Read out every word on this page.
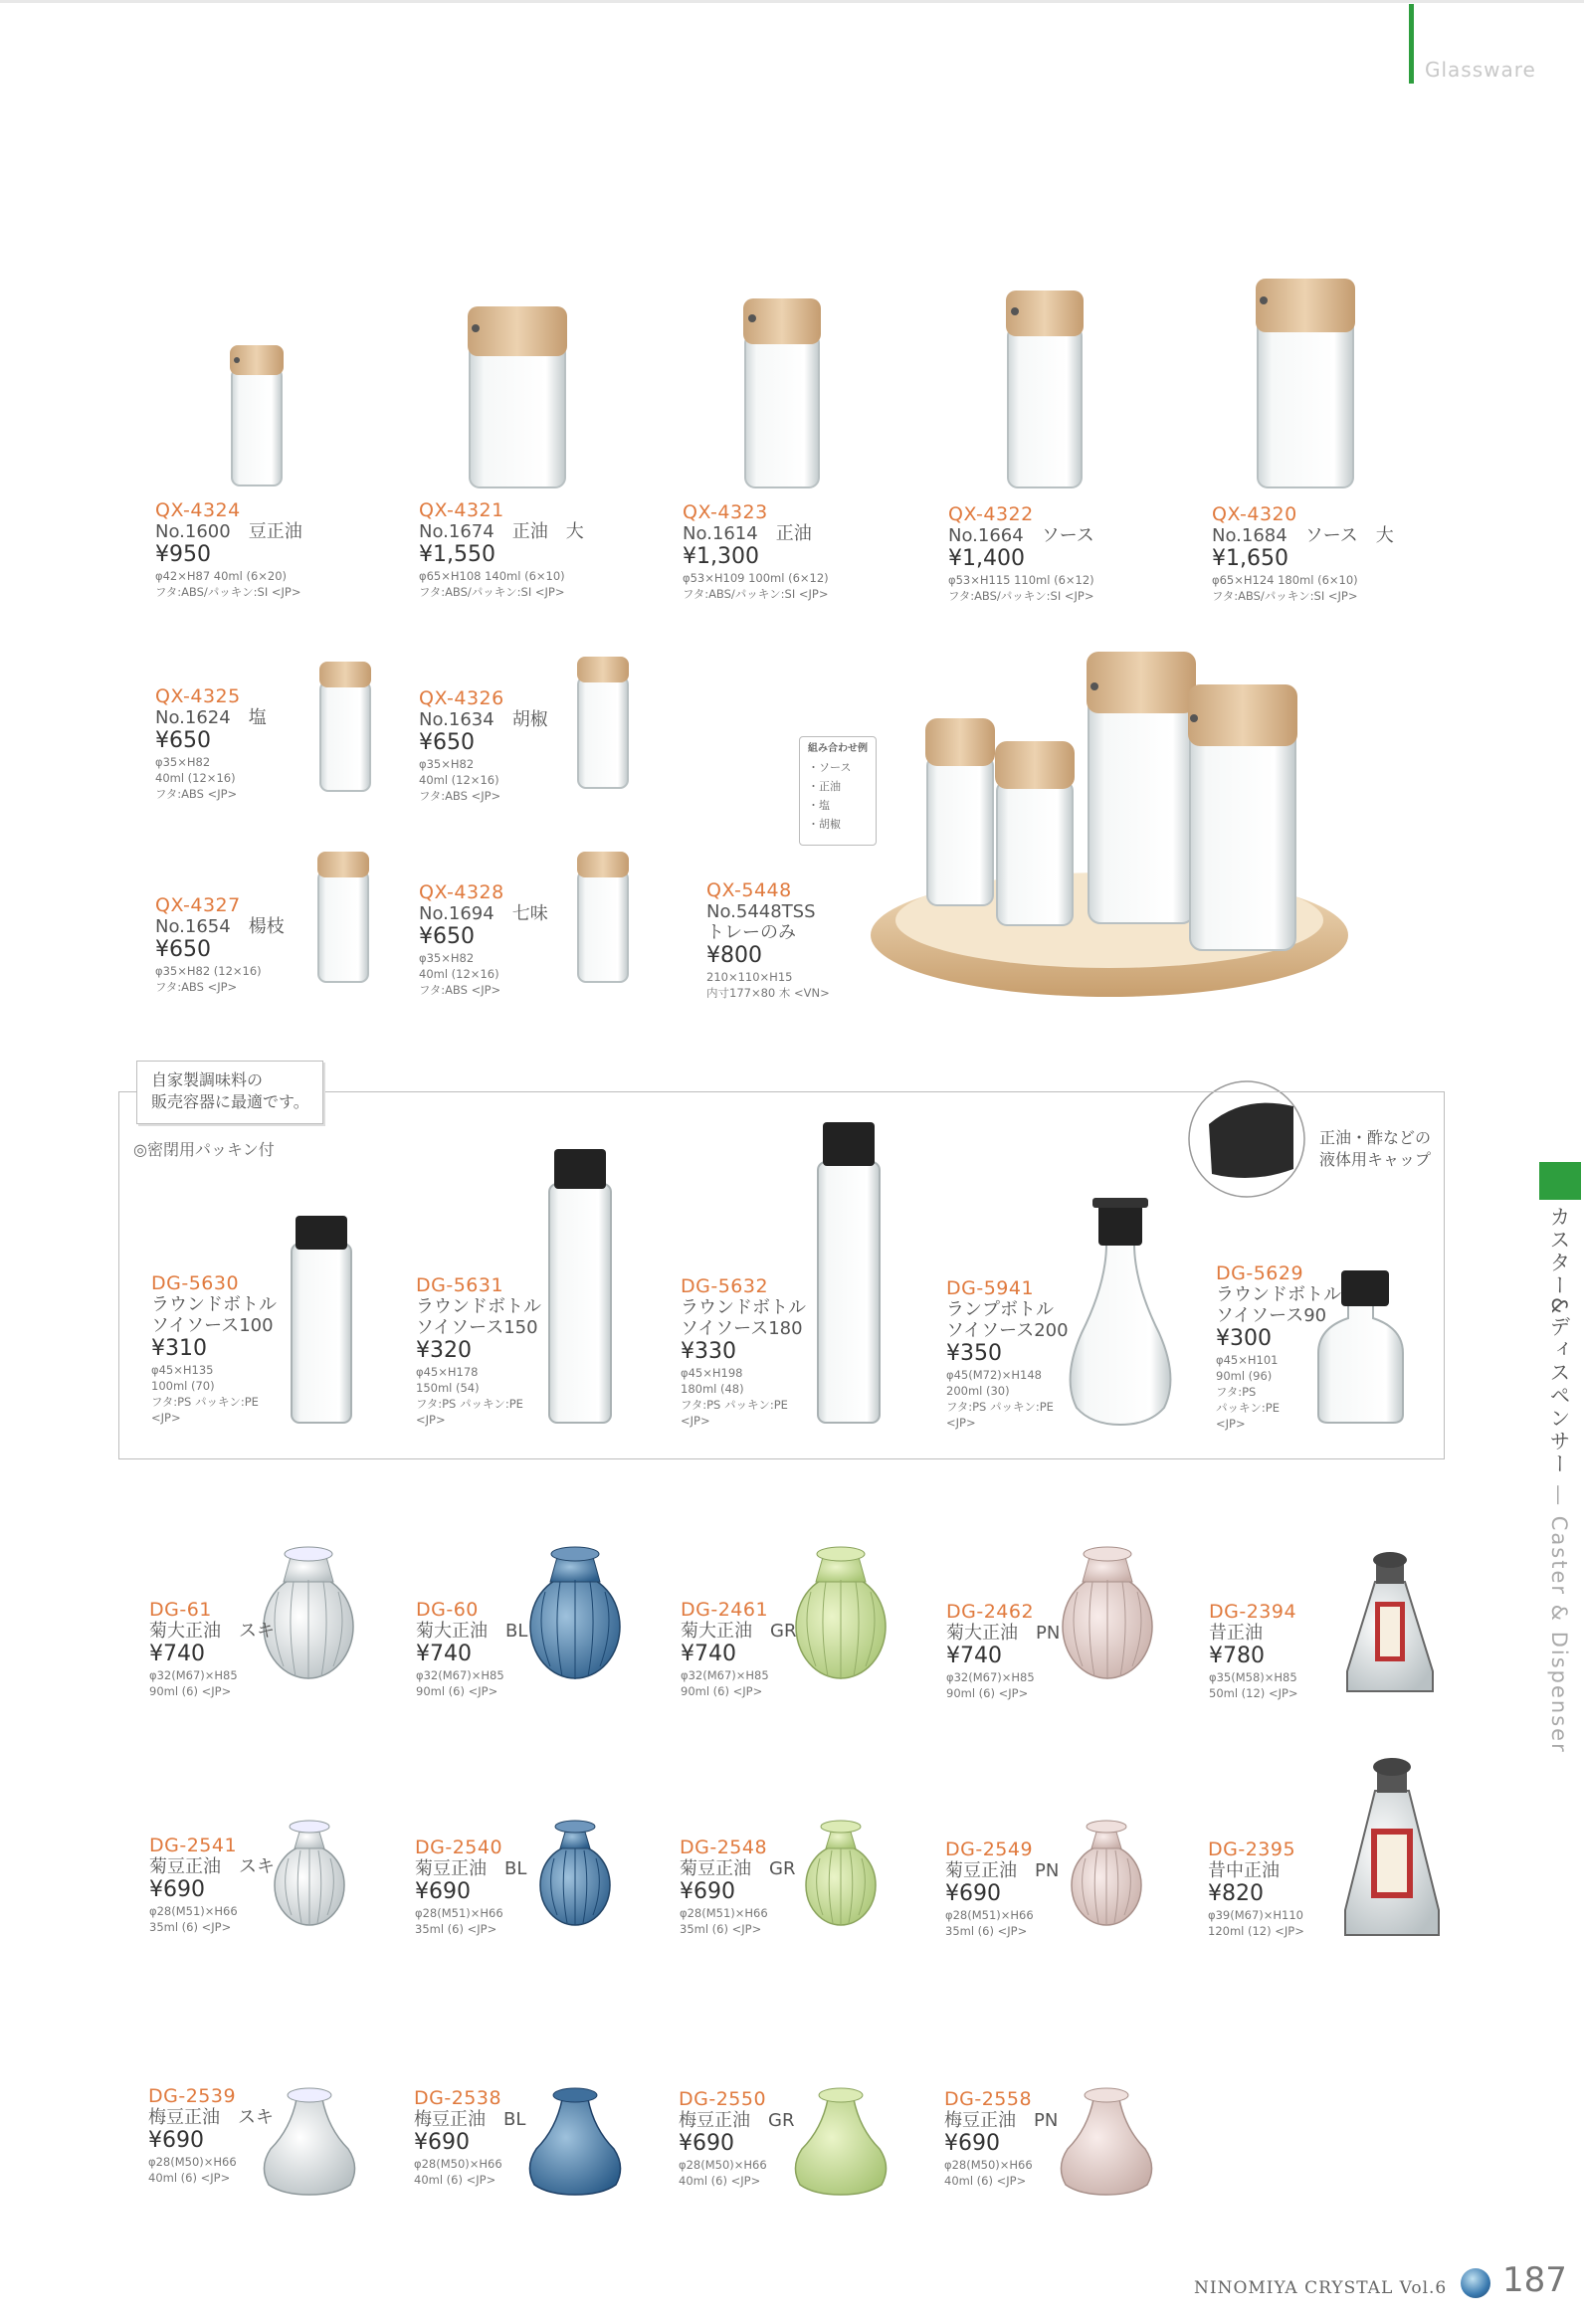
Glassware
カスター&ディスペンサー — Caster & Dispenser
組み合わせ例
・ソース
・正油
・塩
・胡椒
自家製調味料の
販売容器に最適です。
◎密閉用パッキン付
正油・酢などの
液体用キャップ
QX-4324
No.1600　豆正油
¥950
φ42×H87 40ml (6×20)
フタ:ABS/パッキン:SI <JP>
QX-4321
No.1674　正油　大
¥1,550
φ65×H108 140ml (6×10)
フタ:ABS/パッキン:SI <JP>
QX-4323
No.1614　正油
¥1,300
φ53×H109 100ml (6×12)
フタ:ABS/パッキン:SI <JP>
QX-4322
No.1664　ソース
¥1,400
φ53×H115 110ml (6×12)
フタ:ABS/パッキン:SI <JP>
QX-4320
No.1684　ソース　大
¥1,650
φ65×H124 180ml (6×10)
フタ:ABS/パッキン:SI <JP>
QX-4325
No.1624　塩
¥650
φ35×H82
40ml (12×16)
フタ:ABS <JP>
QX-4326
No.1634　胡椒
¥650
φ35×H82
40ml (12×16)
フタ:ABS <JP>
QX-4327
No.1654　楊枝
¥650
φ35×H82 (12×16)
フタ:ABS <JP>
QX-4328
No.1694　七味
¥650
φ35×H82
40ml (12×16)
フタ:ABS <JP>
QX-5448
No.5448TSS
トレーのみ
¥800
210×110×H15
内寸177×80 木 <VN>
DG-5630
ラウンドボトル
ソイソース100
¥310
φ45×H135
100ml (70)
フタ:PS パッキン:PE
<JP>
DG-5631
ラウンドボトル
ソイソース150
¥320
φ45×H178
150ml (54)
フタ:PS パッキン:PE
<JP>
DG-5632
ラウンドボトル
ソイソース180
¥330
φ45×H198
180ml (48)
フタ:PS パッキン:PE
<JP>
DG-5941
ランプボトル
ソイソース200
¥350
φ45(M72)×H148
200ml (30)
フタ:PS パッキン:PE
<JP>
DG-5629
ラウンドボトル
ソイソース90
¥300
φ45×H101
90ml (96)
フタ:PS
パッキン:PE
<JP>
DG-61
菊大正油　スキ
¥740
φ32(M67)×H85
90ml (6) <JP>
DG-60
菊大正油　BL
¥740
φ32(M67)×H85
90ml (6) <JP>
DG-2461
菊大正油　GR
¥740
φ32(M67)×H85
90ml (6) <JP>
DG-2462
菊大正油　PN
¥740
φ32(M67)×H85
90ml (6) <JP>
DG-2394
昔正油
¥780
φ35(M58)×H85
50ml (12) <JP>
DG-2541
菊豆正油　スキ
¥690
φ28(M51)×H66
35ml (6) <JP>
DG-2540
菊豆正油　BL
¥690
φ28(M51)×H66
35ml (6) <JP>
DG-2548
菊豆正油　GR
¥690
φ28(M51)×H66
35ml (6) <JP>
DG-2549
菊豆正油　PN
¥690
φ28(M51)×H66
35ml (6) <JP>
DG-2395
昔中正油
¥820
φ39(M67)×H110
120ml (12) <JP>
DG-2539
梅豆正油　スキ
¥690
φ28(M50)×H66
40ml (6) <JP>
DG-2538
梅豆正油　BL
¥690
φ28(M50)×H66
40ml (6) <JP>
DG-2550
梅豆正油　GR
¥690
φ28(M50)×H66
40ml (6) <JP>
DG-2558
梅豆正油　PN
¥690
φ28(M50)×H66
40ml (6) <JP>
NINOMIYA CRYSTAL Vol.6 187
